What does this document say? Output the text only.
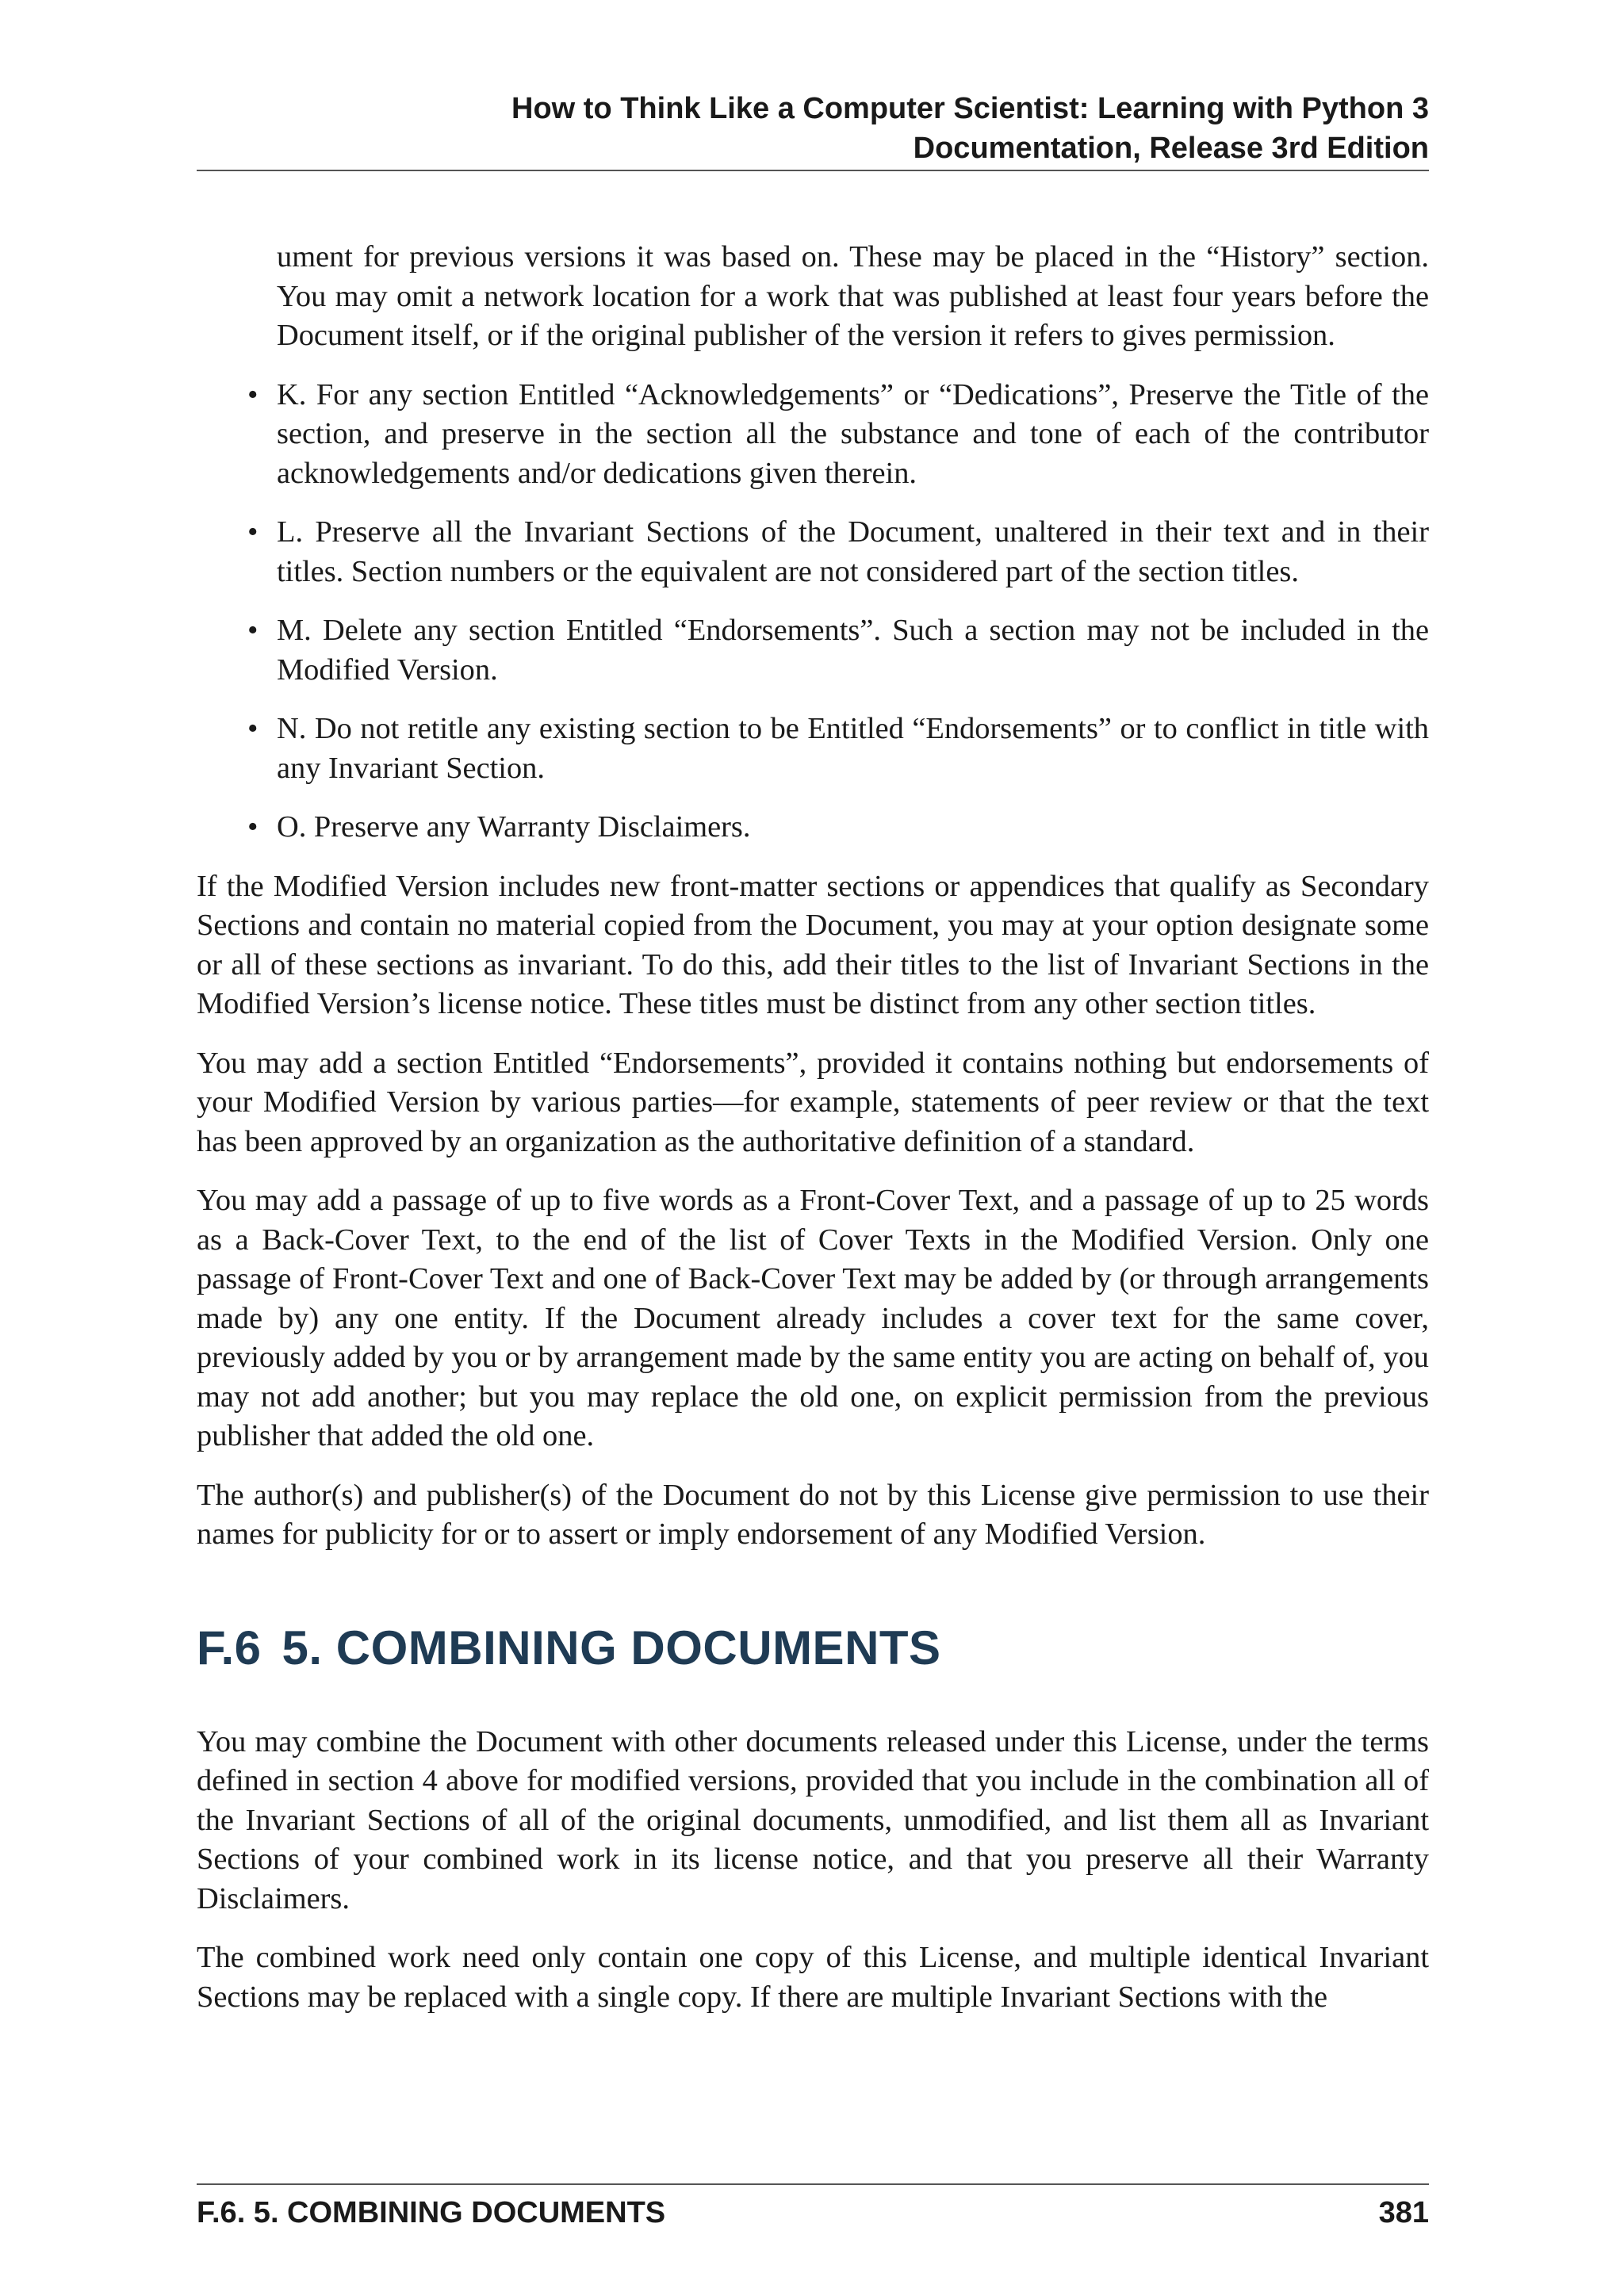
How to Think Like a Computer Scientist: Learning with Python 3
Documentation, Release 3rd Edition

ument for previous versions it was based on. These may be placed in the “History” section. You may omit a network location for a work that was published at least four years before the Document itself, or if the original publisher of the version it refers to gives permission.

• K. For any section Entitled “Acknowledgements” or “Dedications”, Preserve the Title of the section, and preserve in the section all the substance and tone of each of the contributor acknowledgements and/or dedications given therein.
• L. Preserve all the Invariant Sections of the Document, unaltered in their text and in their titles. Section numbers or the equivalent are not considered part of the section titles.
• M. Delete any section Entitled “Endorsements”. Such a section may not be included in the Modified Version.
• N. Do not retitle any existing section to be Entitled “Endorsements” or to conflict in title with any Invariant Section.
• O. Preserve any Warranty Disclaimers.

If the Modified Version includes new front-matter sections or appendices that qualify as Secondary Sections and contain no material copied from the Document, you may at your option designate some or all of these sections as invariant. To do this, add their titles to the list of Invariant Sections in the Modified Version’s license notice. These titles must be distinct from any other section titles.

You may add a section Entitled “Endorsements”, provided it contains nothing but endorsements of your Modified Version by various parties—for example, statements of peer review or that the text has been approved by an organization as the authoritative definition of a standard.

You may add a passage of up to five words as a Front-Cover Text, and a passage of up to 25 words as a Back-Cover Text, to the end of the list of Cover Texts in the Modified Version. Only one passage of Front-Cover Text and one of Back-Cover Text may be added by (or through arrangements made by) any one entity. If the Document already includes a cover text for the same cover, previously added by you or by arrangement made by the same entity you are acting on behalf of, you may not add another; but you may replace the old one, on explicit permission from the previous publisher that added the old one.

The author(s) and publisher(s) of the Document do not by this License give permission to use their names for publicity for or to assert or imply endorsement of any Modified Version.

F.6 5. COMBINING DOCUMENTS

You may combine the Document with other documents released under this License, under the terms defined in section 4 above for modified versions, provided that you include in the combination all of the Invariant Sections of all of the original documents, unmodified, and list them all as Invariant Sections of your combined work in its license notice, and that you preserve all their Warranty Disclaimers.

The combined work need only contain one copy of this License, and multiple identical Invariant Sections may be replaced with a single copy. If there are multiple Invariant Sections with the

F.6. 5. COMBINING DOCUMENTS	381
